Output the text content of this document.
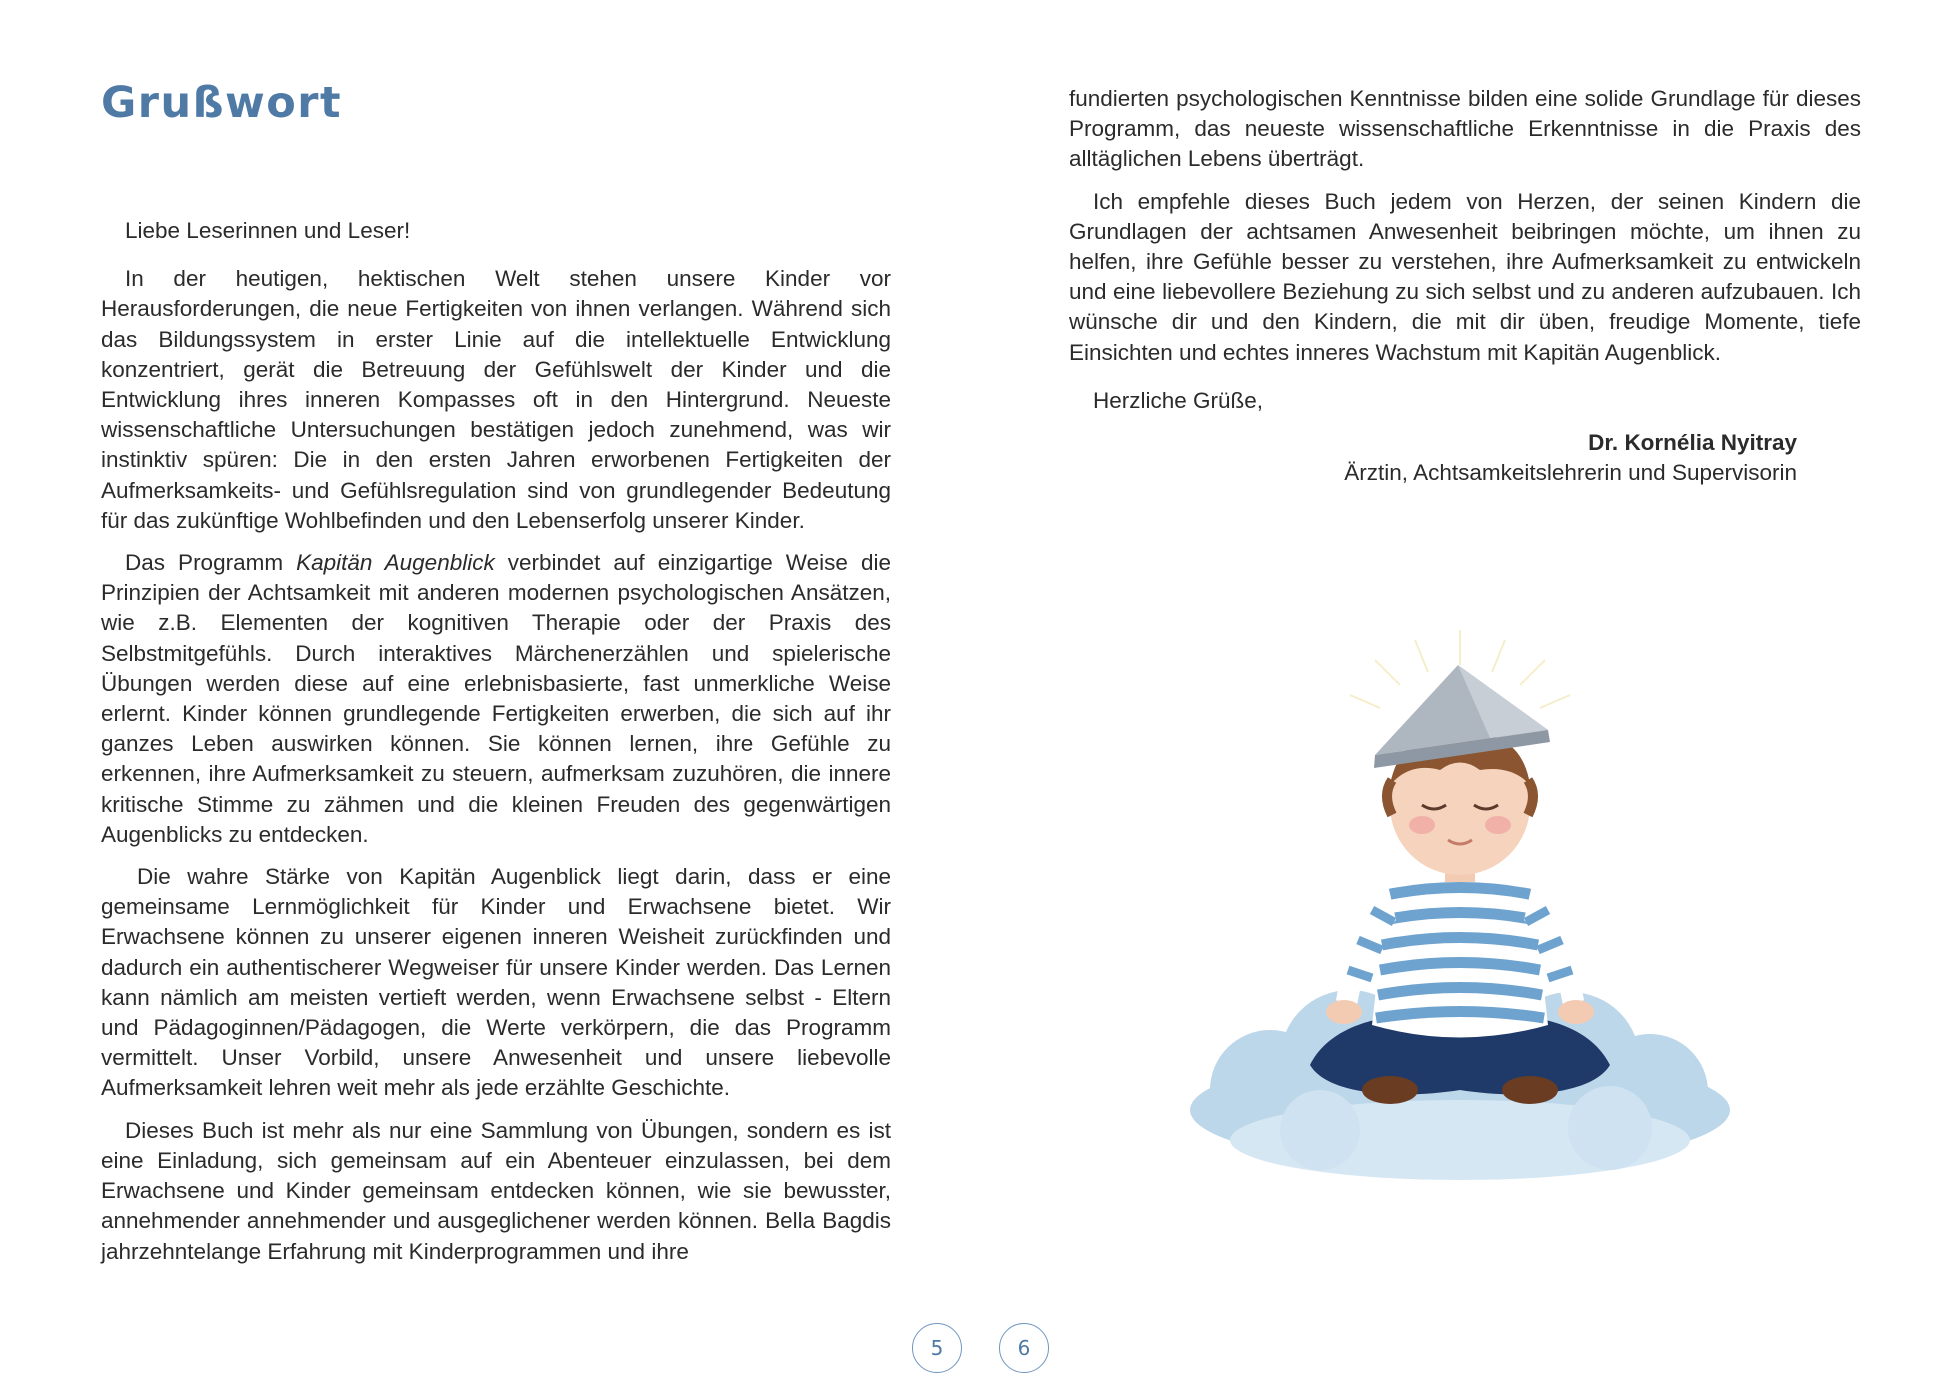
Grußwort

Liebe Leserinnen und Leser!

In der heutigen, hektischen Welt stehen unsere Kinder vor Herausforderungen, die neue Fertigkeiten von ihnen verlangen. Während sich das Bildungssystem in erster Linie auf die intellektuelle Entwicklung konzentriert, gerät die Betreuung der Gefühlswelt der Kinder und die Entwicklung ihres inneren Kompasses oft in den Hintergrund. Neueste wissenschaftliche Untersuchungen bestätigen jedoch zunehmend, was wir instinktiv spüren: Die in den ersten Jahren erworbenen Fertigkeiten der Aufmerksamkeits- und Gefühlsregulation sind von grundlegender Bedeutung für das zukünftige Wohlbefinden und den Lebenserfolg unserer Kinder.

Das Programm Kapitän Augenblick verbindet auf einzigartige Weise die Prinzipien der Achtsamkeit mit anderen modernen psychologischen Ansätzen, wie z.B. Elementen der kognitiven Therapie oder der Praxis des Selbstmitgefühls. Durch interaktives Märchenerzählen und spielerische Übungen werden diese auf eine erlebnisbasierte, fast unmerkliche Weise erlernt. Kinder können grundlegende Fertigkeiten erwerben, die sich auf ihr ganzes Leben auswirken können. Sie können lernen, ihre Gefühle zu erkennen, ihre Aufmerksamkeit zu steuern, aufmerksam zuzuhören, die innere kritische Stimme zu zähmen und die kleinen Freuden des gegenwärtigen Augenblicks zu entdecken.

Die wahre Stärke von Kapitän Augenblick liegt darin, dass er eine gemeinsame Lernmöglichkeit für Kinder und Erwachsene bietet. Wir Erwachsene können zu unserer eigenen inneren Weisheit zurückfinden und dadurch ein authentischerer Wegweiser für unsere Kinder werden. Das Lernen kann nämlich am meisten vertieft werden, wenn Erwachsene selbst - Eltern und Pädagoginnen/Pädagogen, die Werte verkörpern, die das Programm vermittelt. Unser Vorbild, unsere Anwesenheit und unsere liebevolle Aufmerksamkeit lehren weit mehr als jede erzählte Geschichte.

Dieses Buch ist mehr als nur eine Sammlung von Übungen, sondern es ist eine Einladung, sich gemeinsam auf ein Abenteuer einzulassen, bei dem Erwachsene und Kinder gemeinsam entdecken können, wie sie bewusster, annehmender annehmender und ausgeglichener werden können. Bella Bagdis jahrzehntelange Erfahrung mit Kinderprogrammen und ihre

5

fundierten psychologischen Kenntnisse bilden eine solide Grundlage für dieses Programm, das neueste wissenschaftliche Erkenntnisse in die Praxis des alltäglichen Lebens überträgt.

Ich empfehle dieses Buch jedem von Herzen, der seinen Kindern die Grundlagen der achtsamen Anwesenheit beibringen möchte, um ihnen zu helfen, ihre Gefühle besser zu verstehen, ihre Aufmerksamkeit zu entwickeln und eine liebevollere Beziehung zu sich selbst und zu anderen aufzubauen. Ich wünsche dir und den Kindern, die mit dir üben, freudige Momente, tiefe Einsichten und echtes inneres Wachstum mit Kapitän Augenblick.

Herzliche Grüße,

Dr. Kornélia Nyitray
Ärztin, Achtsamkeitslehrerin und Supervisorin
6
